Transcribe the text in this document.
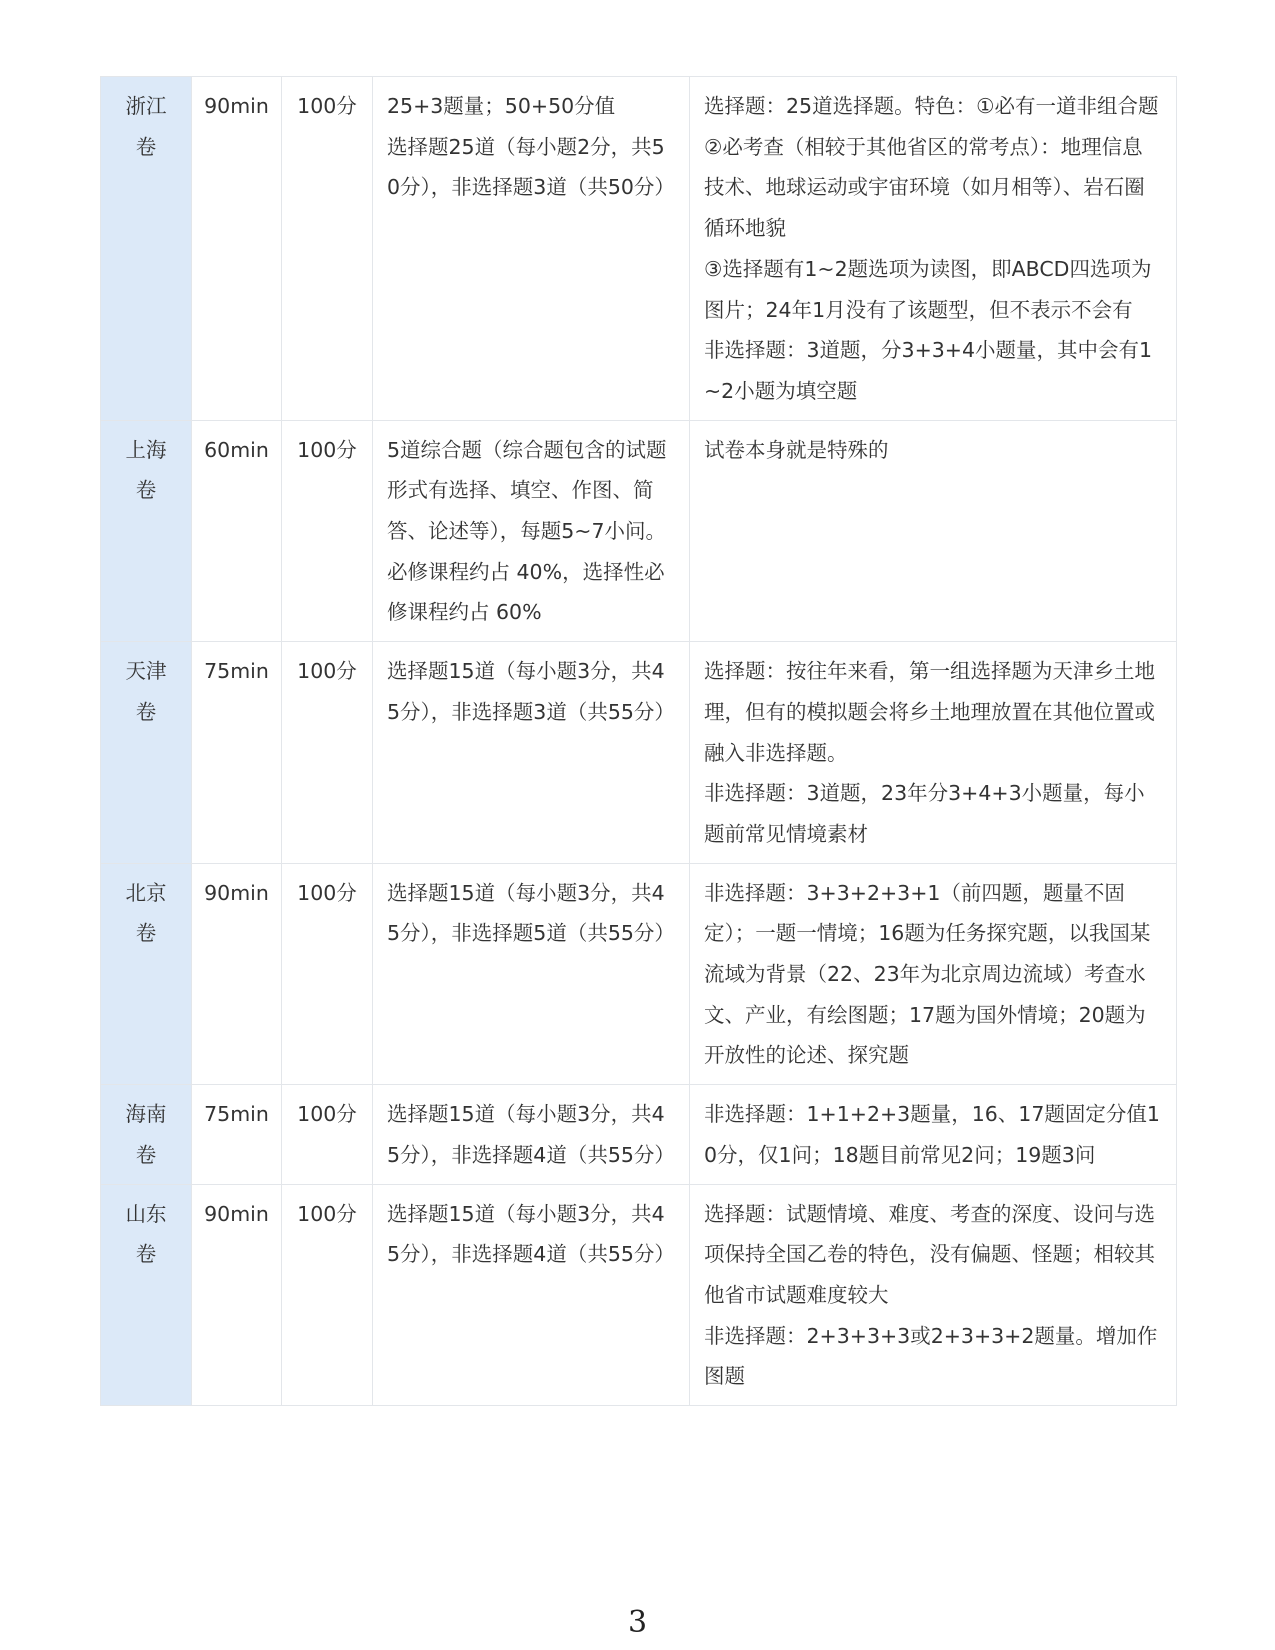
浙江卷	90min	100分	25+3题量；50+50分值
选择题25道（每小题2分，共50分），非选择题3道（共50分）	选择题：25道选择题。特色：①必有一道非组合题
②必考查（相较于其他省区的常考点）：地理信息技术、地球运动或宇宙环境（如月相等）、岩石圈循环地貌
③选择题有1~2题选项为读图，即ABCD四选项为图片；24年1月没有了该题型，但不表示不会有
非选择题：3道题，分3+3+4小题量，其中会有1~2小题为填空题

上海卷	60min	100分	5道综合题（综合题包含的试题形式有选择、填空、作图、简答、论述等），每题5~7小问。必修课程约占 40%，选择性必修课程约占 60%	试卷本身就是特殊的

天津卷	75min	100分	选择题15道（每小题3分，共45分），非选择题3道（共55分）	选择题：按往年来看，第一组选择题为天津乡土地理，但有的模拟题会将乡土地理放置在其他位置或融入非选择题。
非选择题：3道题，23年分3+4+3小题量，每小题前常见情境素材

北京卷	90min	100分	选择题15道（每小题3分，共45分），非选择题5道（共55分）	非选择题：3+3+2+3+1（前四题，题量不固定）；一题一情境；16题为任务探究题，以我国某流域为背景（22、23年为北京周边流域）考查水文、产业，有绘图题；17题为国外情境；20题为开放性的论述、探究题

海南卷	75min	100分	选择题15道（每小题3分，共45分），非选择题4道（共55分）	非选择题：1+1+2+3题量，16、17题固定分值10分，仅1问；18题目前常见2问；19题3问

山东卷	90min	100分	选择题15道（每小题3分，共45分），非选择题4道（共55分）	选择题：试题情境、难度、考查的深度、设问与选项保持全国乙卷的特色，没有偏题、怪题；相较其他省市试题难度较大
非选择题：2+3+3+3或2+3+3+2题量。增加作图题
3
